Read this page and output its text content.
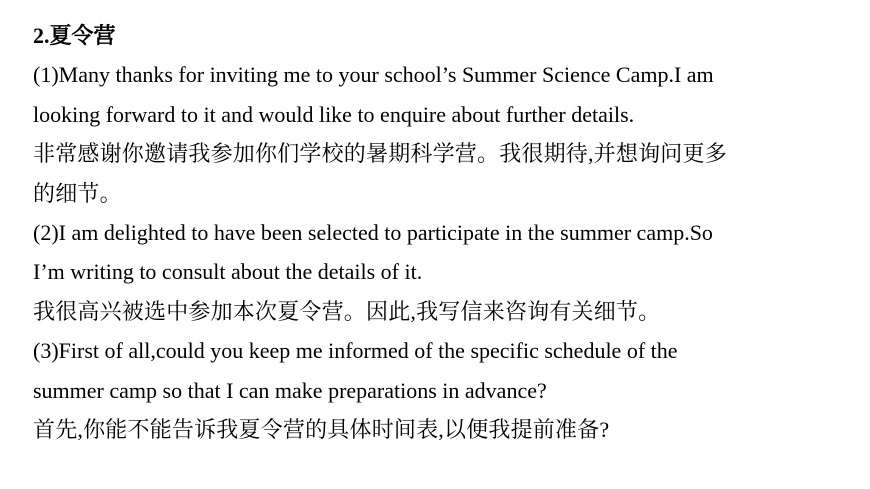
2.夏令营
(1)Many thanks for inviting me to your school’s Summer Science Camp.I am
looking forward to it and would like to enquire about further details.
非常感谢你邀请我参加你们学校的暑期科学营。我很期待,并想询问更多
的细节。
(2)I am delighted to have been selected to participate in the summer camp.So
I’m writing to consult about the details of it.
我很高兴被选中参加本次夏令营。因此,我写信来咨询有关细节。
(3)First of all,could you keep me informed of the specific schedule of the
summer camp so that I can make preparations in advance?
首先,你能不能告诉我夏令营的具体时间表,以便我提前准备?
